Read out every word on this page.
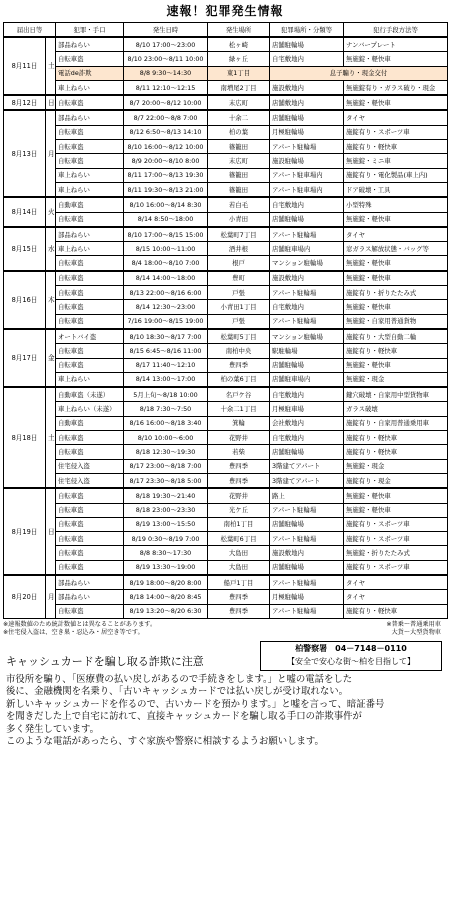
速報！犯罪発生情報
届出日等		犯罪・手口	発生日時	発生場所	犯罪場所・分類等	犯行手段方法等
8月11日	土	部品ねらい	8/10 17:00～23:00	松ヶ崎	店舗駐輪場	ナンバープレート
		自転車盗	8/10 23:00～8/11 10:00	緑ヶ丘	自宅敷地内	無施錠・軽快車
		電話de詐欺	8/8 9:30～14:30	東1丁目	息子騙り・現金交付	
		車上ねらい	8/11 12:10～12:15	南増尾2丁目	施設敷地内	無施錠有り・ガラス破り・現金
8月12日	日	自転車盗	8/7 20:00～8/12 10:00	末広町	店舗敷地内	無施錠・軽快車
8月13日	月	部品ねらい	8/7 22:00～8/8 7:00	十余二	店舗駐輪場	タイヤ
		自転車盗	8/12 6:50～8/13 14:10	柏の葉	月極駐輪場	施錠有り・スポーツ車
		自転車盗	8/10 16:00～8/12 10:00	篠籠田	アパート駐輪場	施錠有り・軽快車
		自転車盗	8/9 20:00～8/10 8:00	末広町	施設駐輪場	無施錠・ミニ車
		車上ねらい	8/11 17:00～8/13 19:30	篠籠田	アパート駐車場内	施錠有り・電化製品(車上内)
		車上ねらい	8/11 19:30～8/13 21:00	篠籠田	アパート駐車場内	ドア破壊・工具
8月14日	火	自動車盗	8/10 16:00～8/14 8:30	若白毛	自宅敷地内	小型特殊
		自転車盗	8/14 8:50～18:00	小青田	店舗駐輪場	無施錠・軽快車
8月15日	水	部品ねらい	8/10 17:00～8/15 15:00	松葉町7丁目	アパート駐輪場	タイヤ
		車上ねらい	8/15 10:00～11:00	酒井根	店舗駐車場内	窓ガラス解放状態・バッグ等
		自転車盗	8/4 18:00～8/10 7:00	根戸	マンション駐輪場	無施錠・軽快車
8月16日	木	自転車盗	8/14 14:00～18:00	豊町	施設敷地内	無施錠・軽快車
		自転車盗	8/13 22:00～8/16 6:00	戸張	アパート駐輪場	施錠有り・折りたたみ式
		自転車盗	8/14 12:30～23:00	小青田1丁目	自宅敷地内	無施錠・軽快車
		自転車盗	7/16 19:00～8/15 19:00	戸張	アパート駐輪場	無施錠・自家用普通貨物
8月17日	金	オートバイ盗	8/10 18:30～8/17 7:00	松葉町5丁目	マンション駐輪場	施錠有り・大型自動二輪
		自転車盗	8/15 6:45～8/16 11:00	南柏中央	駅駐輪場	施錠有り・軽快車
		自転車盗	8/17 11:40～12:10	豊四季	店舗駐輪場	無施錠・軽快車
		車上ねらい	8/14 13:00～17:00	柏の葉6丁目	店舗駐車場内	無施錠・現金
8月18日	土	自動車盗（未遂）	5月上旬～8/18 10:00	名戸ケ谷	自宅敷地内	鍵穴破壊・自家用中型貨物車
		車上ねらい（未遂）	8/18 7:30～7:50	十余二1丁目	月極駐車場	ガラス破壊
		自動車盗	8/16 16:00～8/18 3:40	箕輪	会社敷地内	施錠有り・自家用普通乗用車
		自転車盗	8/10 10:00～6:00	花野井	自宅敷地内	施錠有り・軽快車
		自転車盗	8/18 12:30～19:30	若柴	店舗駐輪場	施錠有り・軽快車
		住宅侵入盗	8/17 23:00～8/18 7:00	豊四季	3階建てアパート	無施錠・現金
		住宅侵入盗	8/17 23:30～8/18 5:00	豊四季	3階建てアパート	施錠有り・現金
8月19日	日	自転車盗	8/18 19:30～21:40	花野井	路上	無施錠・軽快車
		自転車盗	8/18 23:00～23:30	光ケ丘	アパート駐輪場	無施錠・軽快車
		自転車盗	8/19 13:00～15:50	南柏1丁目	店舗駐輪場	施錠有り・スポーツ車
		自転車盗	8/19 0:30～8/19 7:00	松葉町6丁目	アパート駐輪場	施錠有り・スポーツ車
		自転車盗	8/8 8:30～17:30	大島田	施設敷地内	無施錠・折りたたみ式
		自転車盗	8/19 13:30～19:00	大島田	店舗駐輪場	施錠有り・スポーツ車
8月20日	月	部品ねらい	8/19 18:00～8/20 8:00	船戸1丁目	アパート駐輪場	タイヤ
		部品ねらい	8/18 14:00～8/20 8:45	豊四季	月極駐輪場	タイヤ
		自転車盗	8/19 13:20～8/20 6:30	豊四季	アパート駐輪場	施錠有り・軽快車
※速報数値のため統計数値とは異なることがあります。
※住宅侵入盗は、空き巣・忍込み・居空き等です。
※普乗～普通乗用車
大貨～大型貨物車
キャッシュカードを騙し取る詐欺に注意
柏警察署　04－7148－0110
【安全で安心な街～柏を目指して】
市役所を騙り、「医療費の払い戻しがあるので手続きをします。」と嘘の電話をした
後に、金融機関を名乗り、「古いキャッシュカードでは払い戻しが受け取れない。
新しいキャッシュカードを作るので、古いカードを預かります。」と嘘を言って、暗証番号
を聞きだした上で自宅に訪れて、直接キャッシュカードを騙し取る手口の詐欺事件が
多く発生しています。
このような電話があったら、すぐ家族や警察に相談するようお願いします。
